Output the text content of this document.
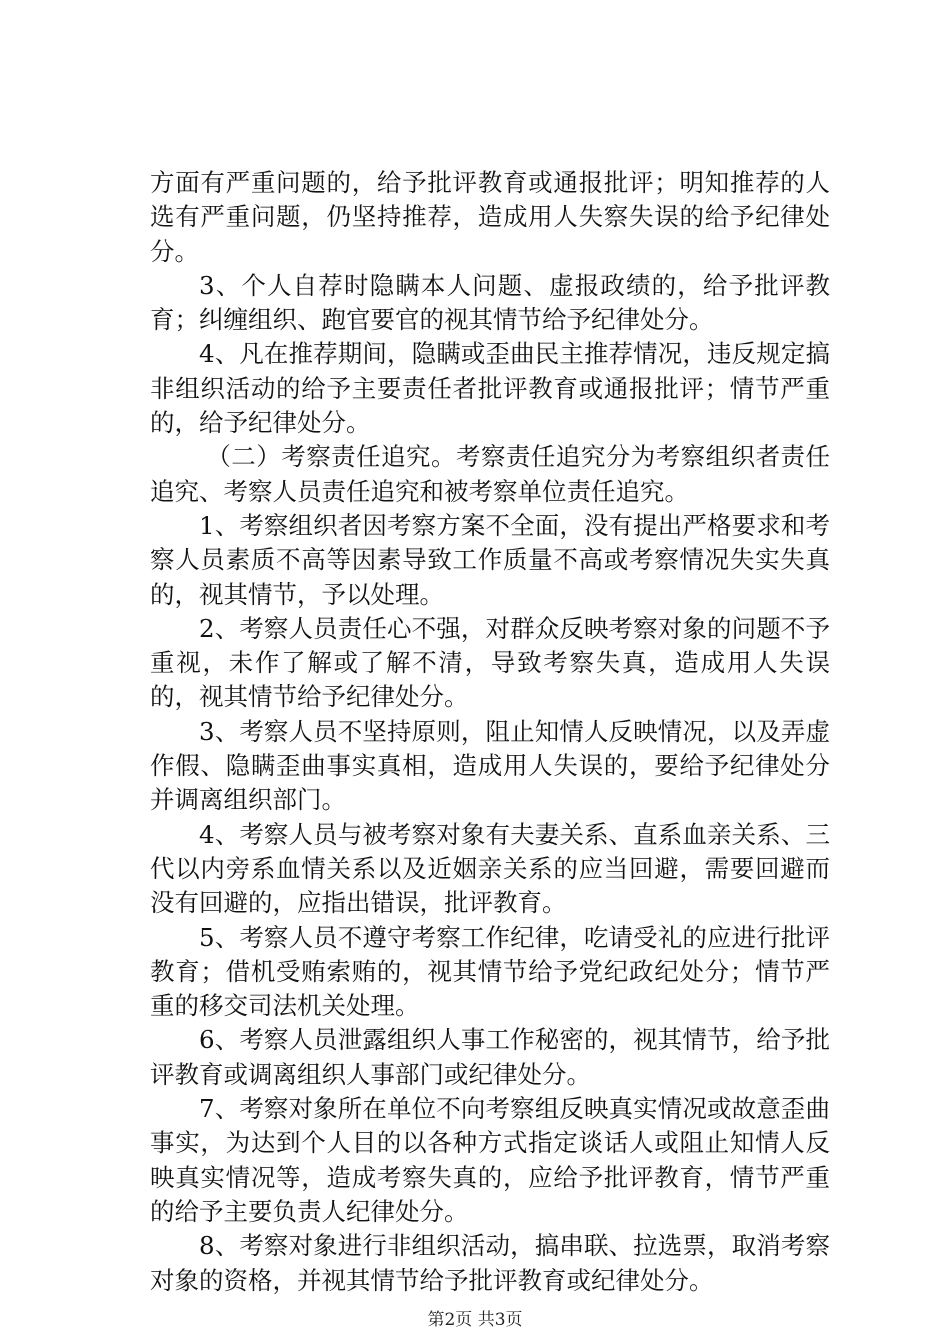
方面有严重问题的，给予批评教育或通报批评；明知推荐的人选有严重问题，仍坚持推荐，造成用人失察失误的给予纪律处分。

3、个人自荐时隐瞒本人问题、虚报政绩的，给予批评教育；纠缠组织、跑官要官的视其情节给予纪律处分。

4、凡在推荐期间，隐瞒或歪曲民主推荐情况，违反规定搞非组织活动的给予主要责任者批评教育或通报批评；情节严重的，给予纪律处分。

（二）考察责任追究。考察责任追究分为考察组织者责任追究、考察人员责任追究和被考察单位责任追究。

1、考察组织者因考察方案不全面，没有提出严格要求和考察人员素质不高等因素导致工作质量不高或考察情况失实失真的，视其情节，予以处理。

2、考察人员责任心不强，对群众反映考察对象的问题不予重视，未作了解或了解不清，导致考察失真，造成用人失误的，视其情节给予纪律处分。

3、考察人员不坚持原则，阻止知情人反映情况，以及弄虚作假、隐瞒歪曲事实真相，造成用人失误的，要给予纪律处分并调离组织部门。

4、考察人员与被考察对象有夫妻关系、直系血亲关系、三代以内旁系血情关系以及近姻亲关系的应当回避，需要回避而没有回避的，应指出错误，批评教育。

5、考察人员不遵守考察工作纪律，吃请受礼的应进行批评教育；借机受贿索贿的，视其情节给予党纪政纪处分；情节严重的移交司法机关处理。

6、考察人员泄露组织人事工作秘密的，视其情节，给予批评教育或调离组织人事部门或纪律处分。

7、考察对象所在单位不向考察组反映真实情况或故意歪曲事实，为达到个人目的以各种方式指定谈话人或阻止知情人反映真实情况等，造成考察失真的，应给予批评教育，情节严重的给予主要负责人纪律处分。

8、考察对象进行非组织活动，搞串联、拉选票，取消考察对象的资格，并视其情节给予批评教育或纪律处分。

第2页 共3页
